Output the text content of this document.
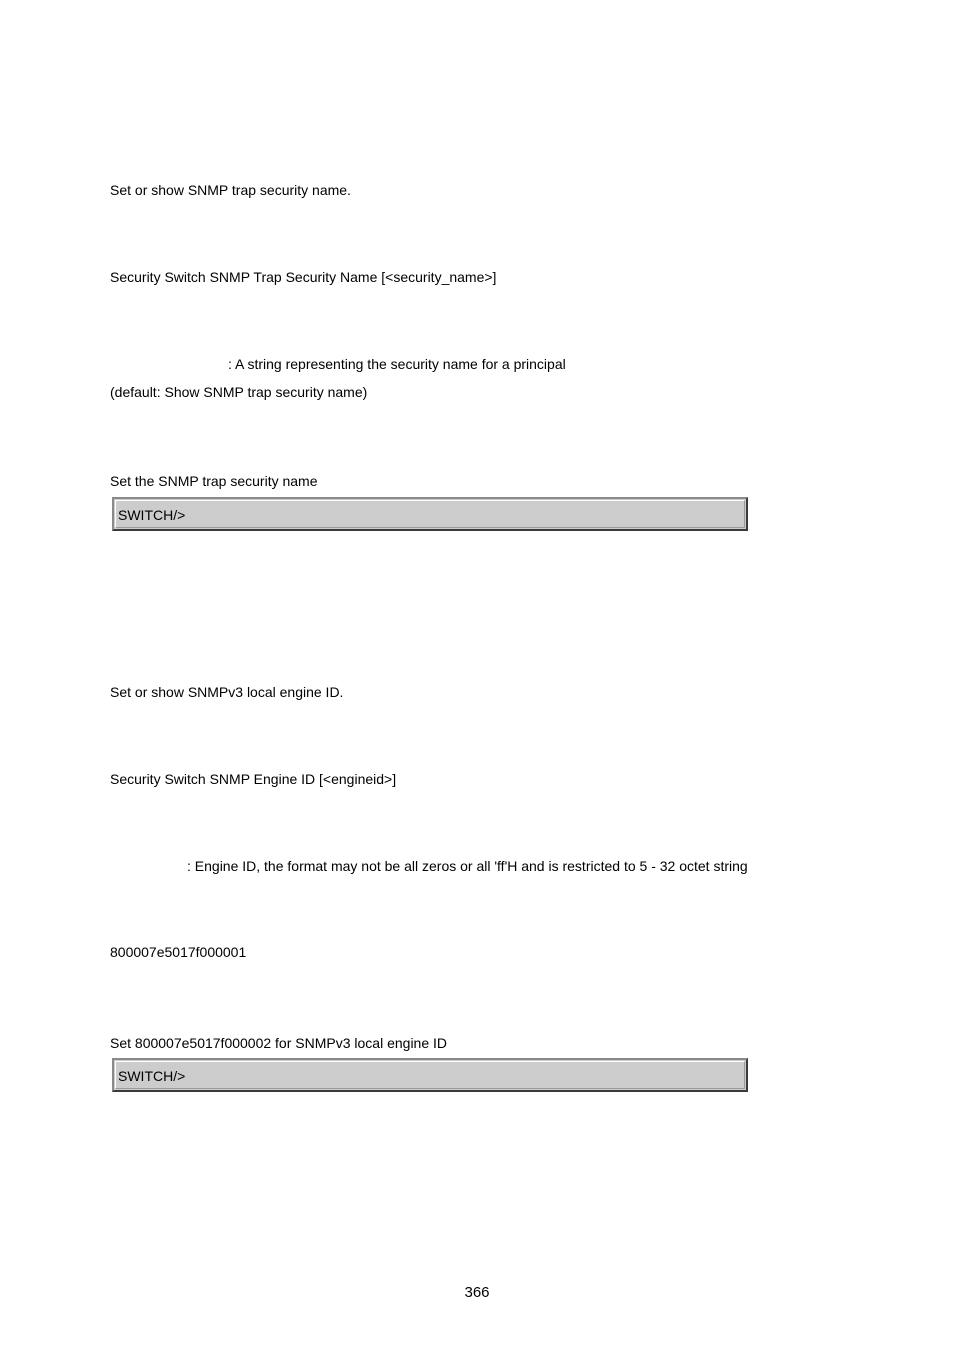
Set or show SNMP trap security name.
Security Switch SNMP Trap Security Name [<security_name>]
: A string representing the security name for a principal
(default: Show SNMP trap security name)
Set the SNMP trap security name
SWITCH/>
Set or show SNMPv3 local engine ID.
Security Switch SNMP Engine ID [<engineid>]
: Engine ID, the format may not be all zeros or all 'ff'H and is restricted to 5 - 32 octet string
800007e5017f000001
Set 800007e5017f000002 for SNMPv3 local engine ID
SWITCH/>
366
